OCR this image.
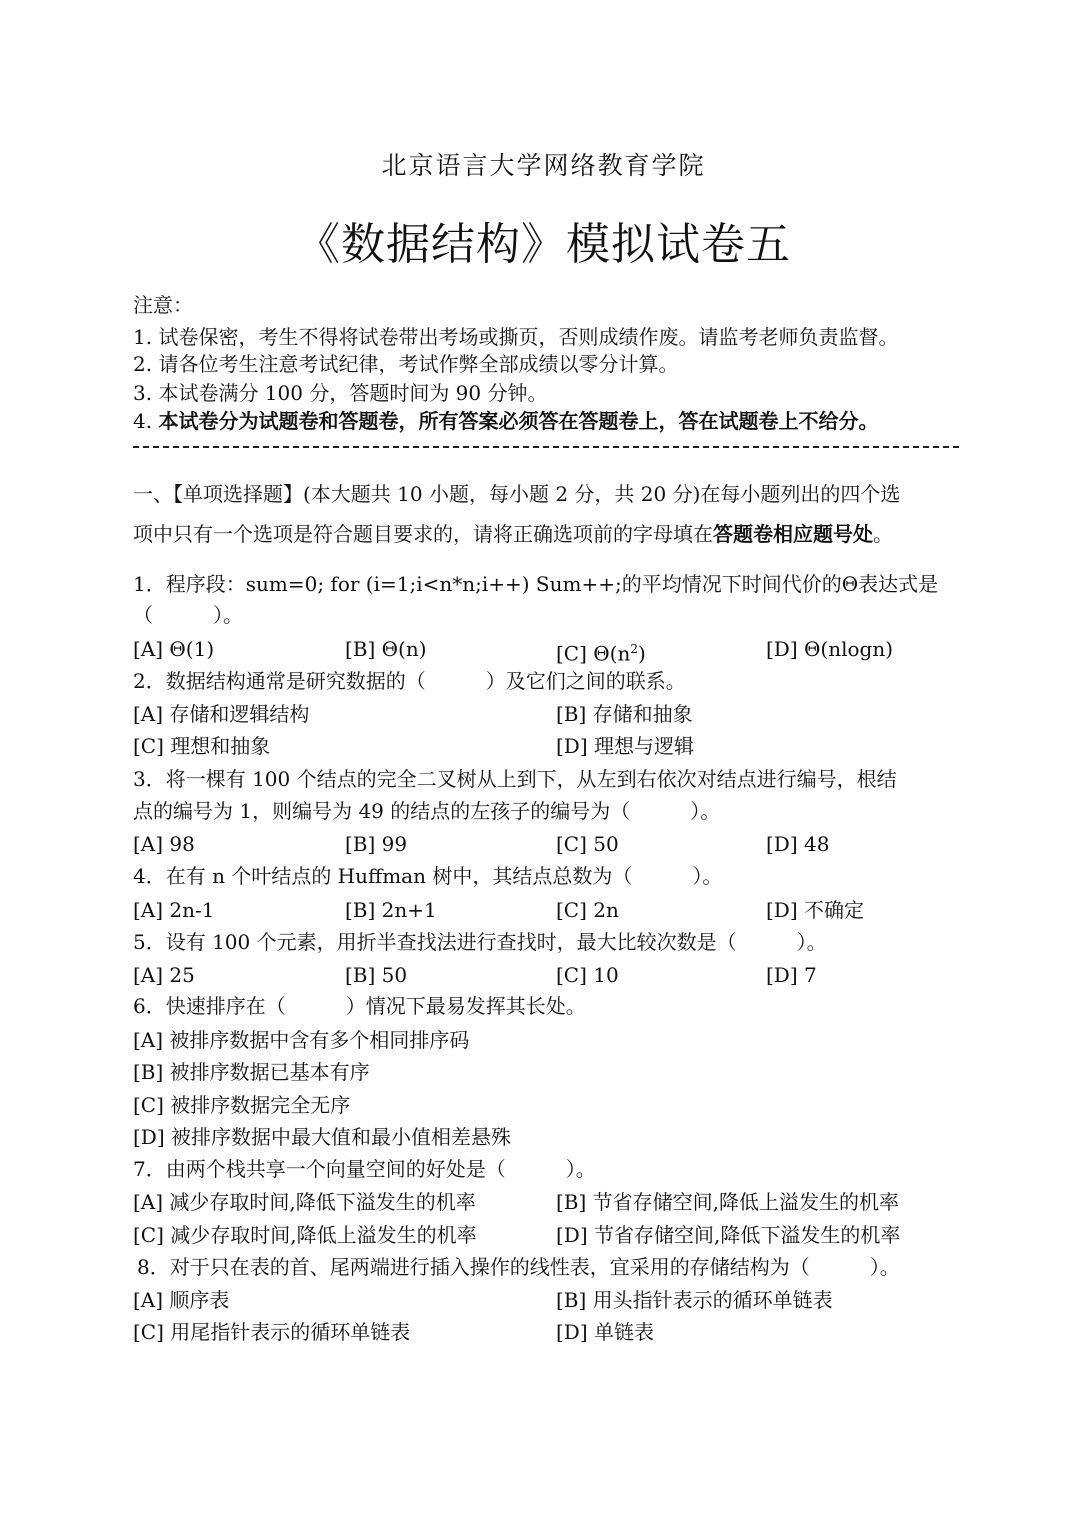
北京语言大学网络教育学院
《数据结构》模拟试卷五
注意：
1. 试卷保密，考生不得将试卷带出考场或撕页，否则成绩作废。请监考老师负责监督。
2. 请各位考生注意考试纪律，考试作弊全部成绩以零分计算。
3. 本试卷满分 100 分，答题时间为 90 分钟。
4. 本试卷分为试题卷和答题卷，所有答案必须答在答题卷上，答在试题卷上不给分。
一、【单项选择题】(本大题共 10 小题，每小题 2 分，共 20 分)在每小题列出的四个选
项中只有一个选项是符合题目要求的，请将正确选项前的字母填在答题卷相应题号处。
1．程序段：sum=0; for (i=1;i<n*n;i++) Sum++;的平均情况下时间代价的Θ表达式是
（　　　）。
[A] Θ(1)	[B] Θ(n)	[C] $\Theta(n^2)$	[D] Θ(nlogn)
2．数据结构通常是研究数据的（　　　）及它们之间的联系。
[A] 存储和逻辑结构	[B] 存储和抽象
[C] 理想和抽象	[D] 理想与逻辑
3．将一棵有 100 个结点的完全二叉树从上到下，从左到右依次对结点进行编号，根结
点的编号为 1，则编号为 49 的结点的左孩子的编号为（　　　）。
[A] 98	[B] 99	[C] 50	[D] 48
4．在有 n 个叶结点的 Huffman 树中，其结点总数为（　　　）。
[A] 2n-1	[B] 2n+1	[C] 2n	[D] 不确定
5．设有 100 个元素，用折半查找法进行查找时，最大比较次数是（　　　）。
[A] 25	[B] 50	[C] 10	[D] 7
6．快速排序在（　　　）情况下最易发挥其长处。
[A] 被排序数据中含有多个相同排序码
[B] 被排序数据已基本有序
[C] 被排序数据完全无序
[D] 被排序数据中最大值和最小值相差悬殊
7．由两个栈共享一个向量空间的好处是（　　　）。
[A] 减少存取时间,降低下溢发生的机率	[B] 节省存储空间,降低上溢发生的机率
[C] 减少存取时间,降低上溢发生的机率	[D] 节省存储空间,降低下溢发生的机率
8．对于只在表的首、尾两端进行插入操作的线性表，宜采用的存储结构为（　　　）。
[A] 顺序表	[B] 用头指针表示的循环单链表
[C] 用尾指针表示的循环单链表	[D] 单链表
